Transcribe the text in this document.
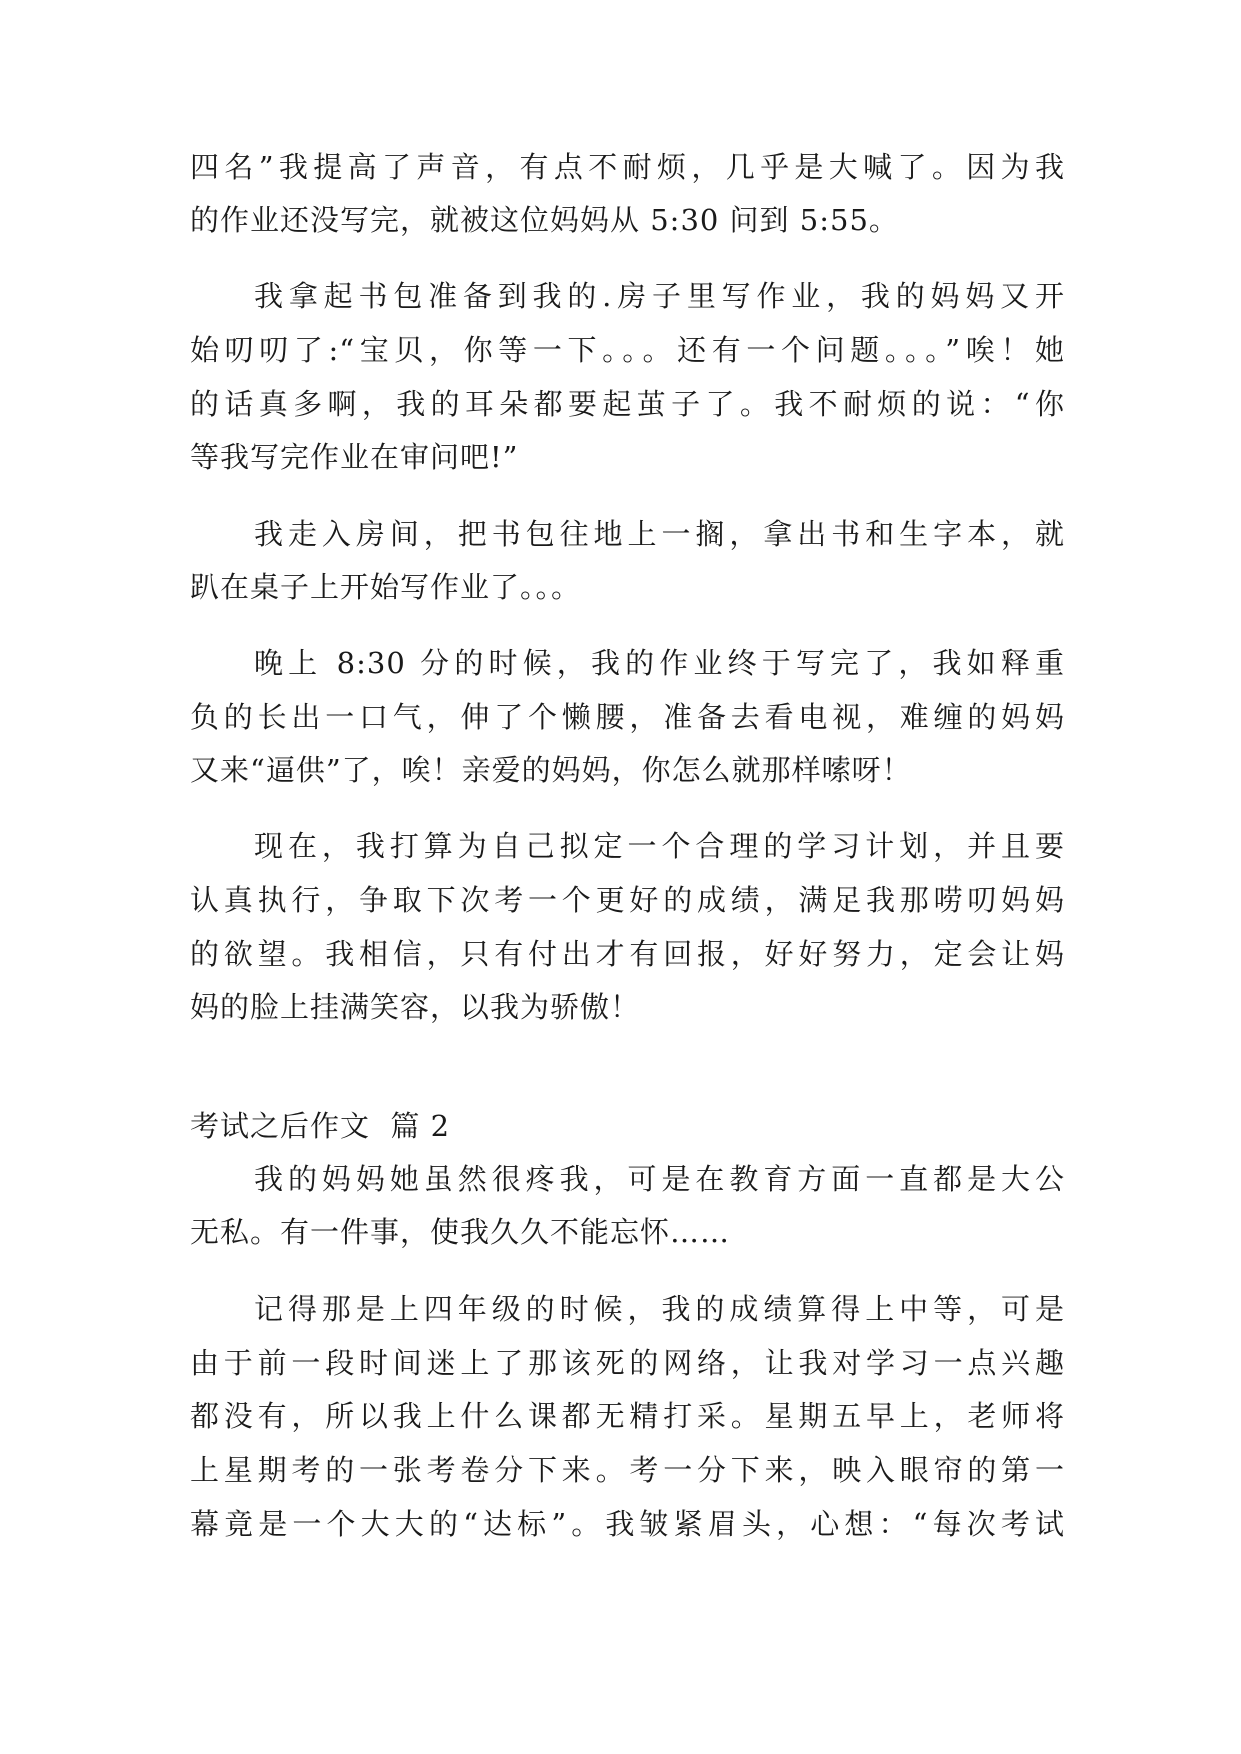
四名”我提高了声音，有点不耐烦，几乎是大喊了。因为我
的作业还没写完，就被这位妈妈从 5:30 问到 5:55。
我拿起书包准备到我的.房子里写作业，我的妈妈又开
始叨叨了:“宝贝，你等一下。。。还有一个问题。。。”唉！她
的话真多啊，我的耳朵都要起茧子了。我不耐烦的说：“你
等我写完作业在审问吧!”
我走入房间，把书包往地上一搁，拿出书和生字本，就
趴在桌子上开始写作业了。。。
晚上 8:30 分的时候，我的作业终于写完了，我如释重
负的长出一口气，伸了个懒腰，准备去看电视，难缠的妈妈
又来“逼供”了，唉！亲爱的妈妈，你怎么就那样嗦呀！
现在，我打算为自己拟定一个合理的学习计划，并且要
认真执行，争取下次考一个更好的成绩，满足我那唠叨妈妈
的欲望。我相信，只有付出才有回报，好好努力，定会让妈
妈的脸上挂满笑容，以我为骄傲！
考试之后作文  篇 2
我的妈妈她虽然很疼我，可是在教育方面一直都是大公
无私。有一件事，使我久久不能忘怀……
记得那是上四年级的时候，我的成绩算得上中等，可是
由于前一段时间迷上了那该死的网络，让我对学习一点兴趣
都没有，所以我上什么课都无精打采。星期五早上，老师将
上星期考的一张考卷分下来。考一分下来，映入眼帘的第一
幕竟是一个大大的“达标”。我皱紧眉头，心想：“每次考试
